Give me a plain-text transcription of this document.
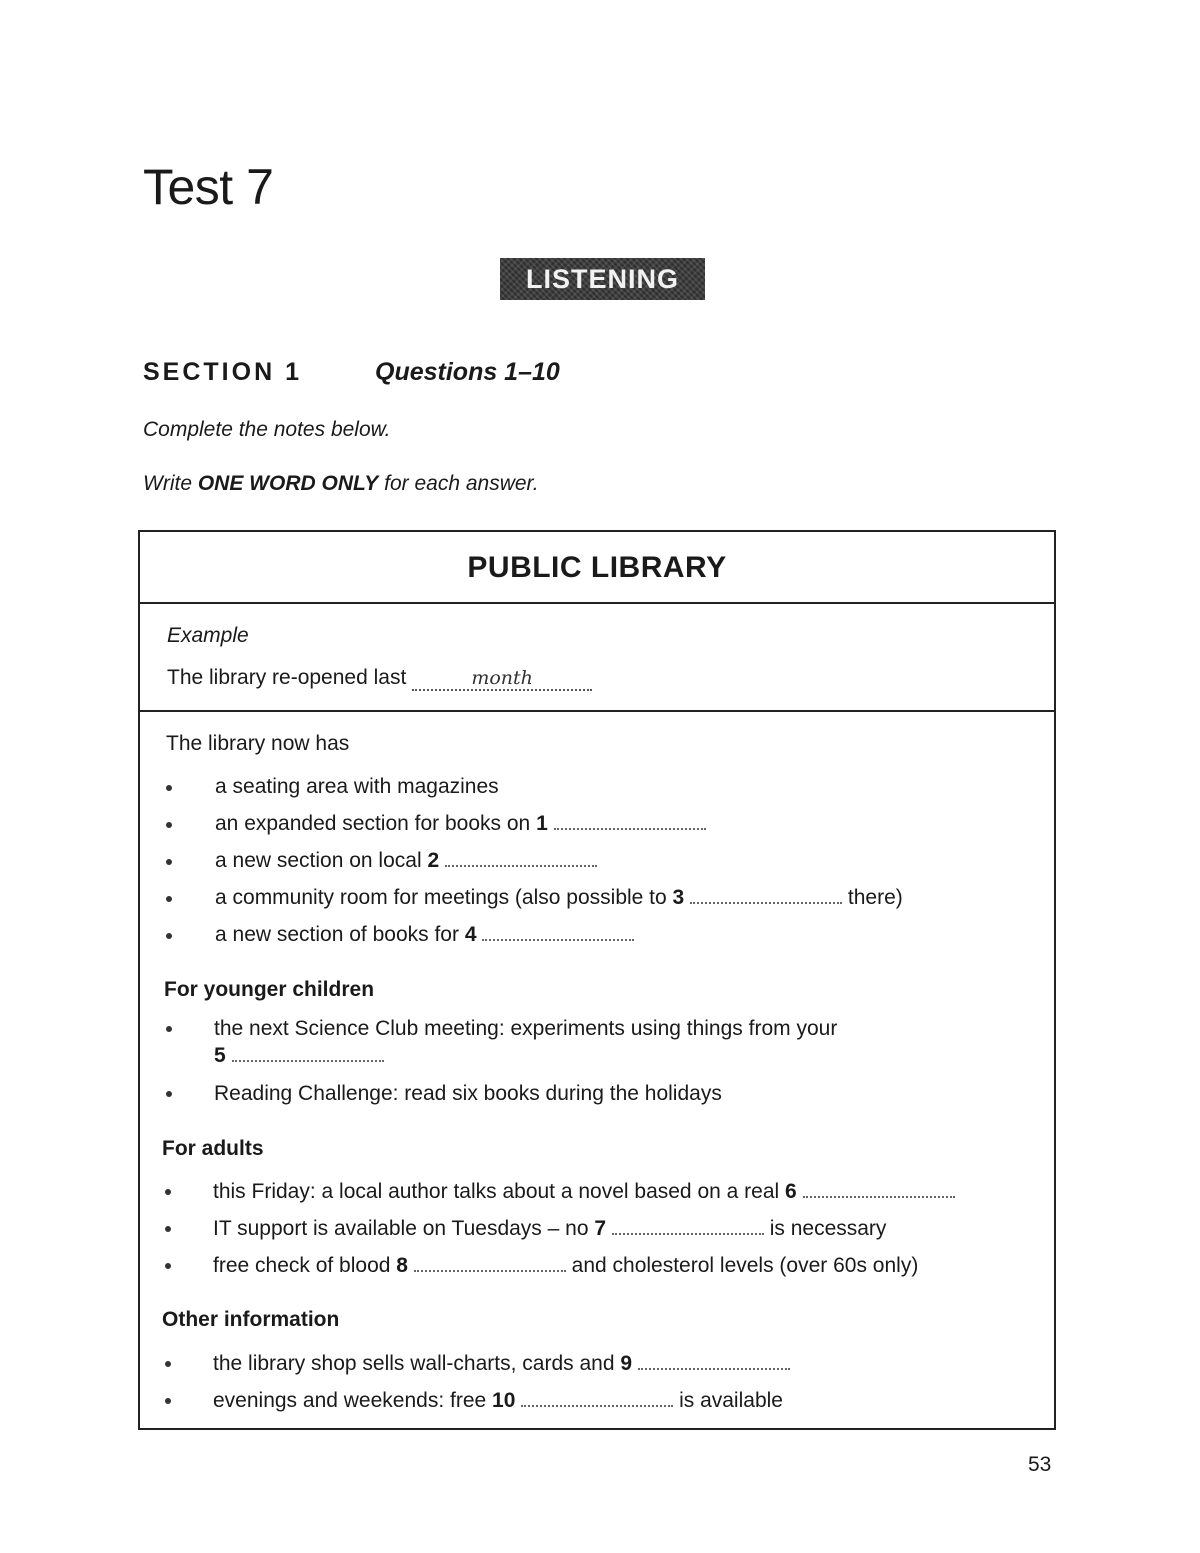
Test 7
LISTENING
SECTION 1	Questions 1–10
Complete the notes below.
Write ONE WORD ONLY for each answer.
PUBLIC LIBRARY
Example
The library re-opened last	month
The library now has
a seating area with magazines
an expanded section for books on 1
a new section on local 2
a community room for meetings (also possible to 3	there)
a new section of books for 4
For younger children
the next Science Club meeting: experiments using things from your
5
Reading Challenge: read six books during the holidays
For adults
this Friday: a local author talks about a novel based on a real 6
IT support is available on Tuesdays – no 7	is necessary
free check of blood 8	and cholesterol levels (over 60s only)
Other information
the library shop sells wall-charts, cards and 9
evenings and weekends: free 10	is available
53
